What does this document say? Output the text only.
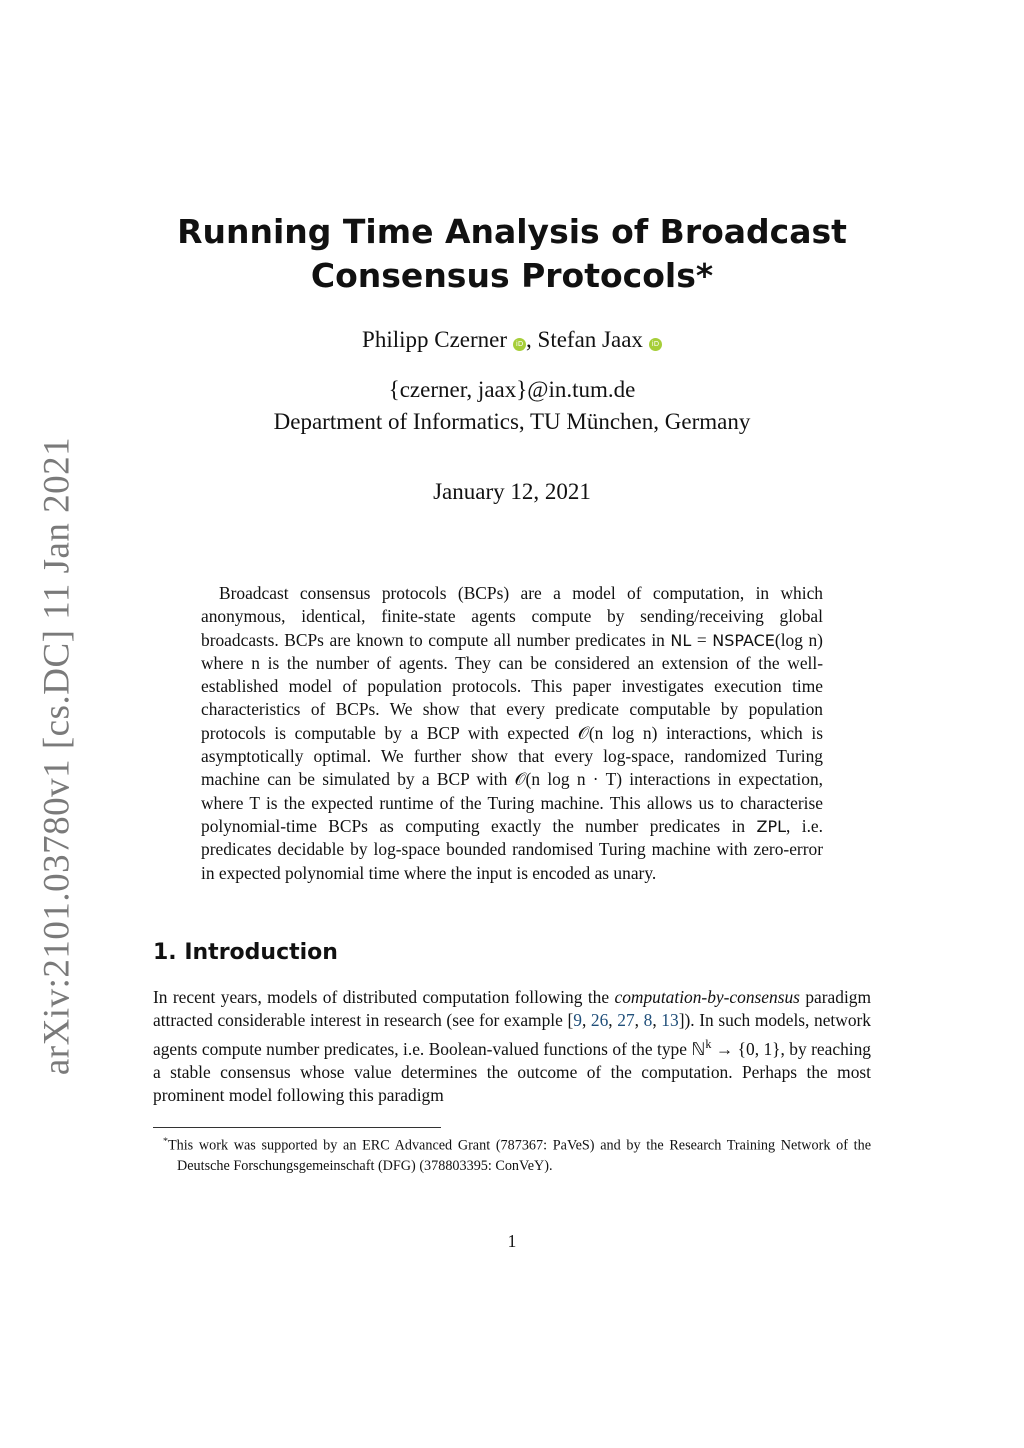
arXiv:2101.03780v1 [cs.DC] 11 Jan 2021
Running Time Analysis of Broadcast
Consensus Protocols*
Philipp Czerner iD , Stefan Jaax iD
{czerner, jaax}@in.tum.de
Department of Informatics, TU München, Germany
January 12, 2021
Broadcast consensus protocols (BCPs) are a model of computation, in which anonymous, identical, finite-state agents compute by sending/receiving global broadcasts. BCPs are known to compute all number predicates in NL = NSPACE(log n) where n is the number of agents. They can be considered an extension of the well-established model of population protocols. This paper investigates execution time characteristics of BCPs. We show that every predicate computable by population protocols is computable by a BCP with expected 𝒪(n log n) interactions, which is asymptotically optimal. We further show that every log-space, randomized Turing machine can be simulated by a BCP with 𝒪(n log n · T) interactions in expectation, where T is the expected runtime of the Turing machine. This allows us to characterise polynomial-time BCPs as computing exactly the number predicates in ZPL, i.e. predicates decidable by log-space bounded randomised Turing machine with zero-error in expected polynomial time where the input is encoded as unary.
1. Introduction
In recent years, models of distributed computation following the computation-by-consensus paradigm attracted considerable interest in research (see for example [9, 26, 27, 8, 13]). In such models, network agents compute number predicates, i.e. Boolean-valued functions of the type ℕ$^k$ → {0, 1}, by reaching a stable consensus whose value determines the outcome of the computation. Perhaps the most prominent model following this paradigm
*This work was supported by an ERC Advanced Grant (787367: PaVeS) and by the Research Training Network of the Deutsche Forschungsgemeinschaft (DFG) (378803395: ConVeY).
1
